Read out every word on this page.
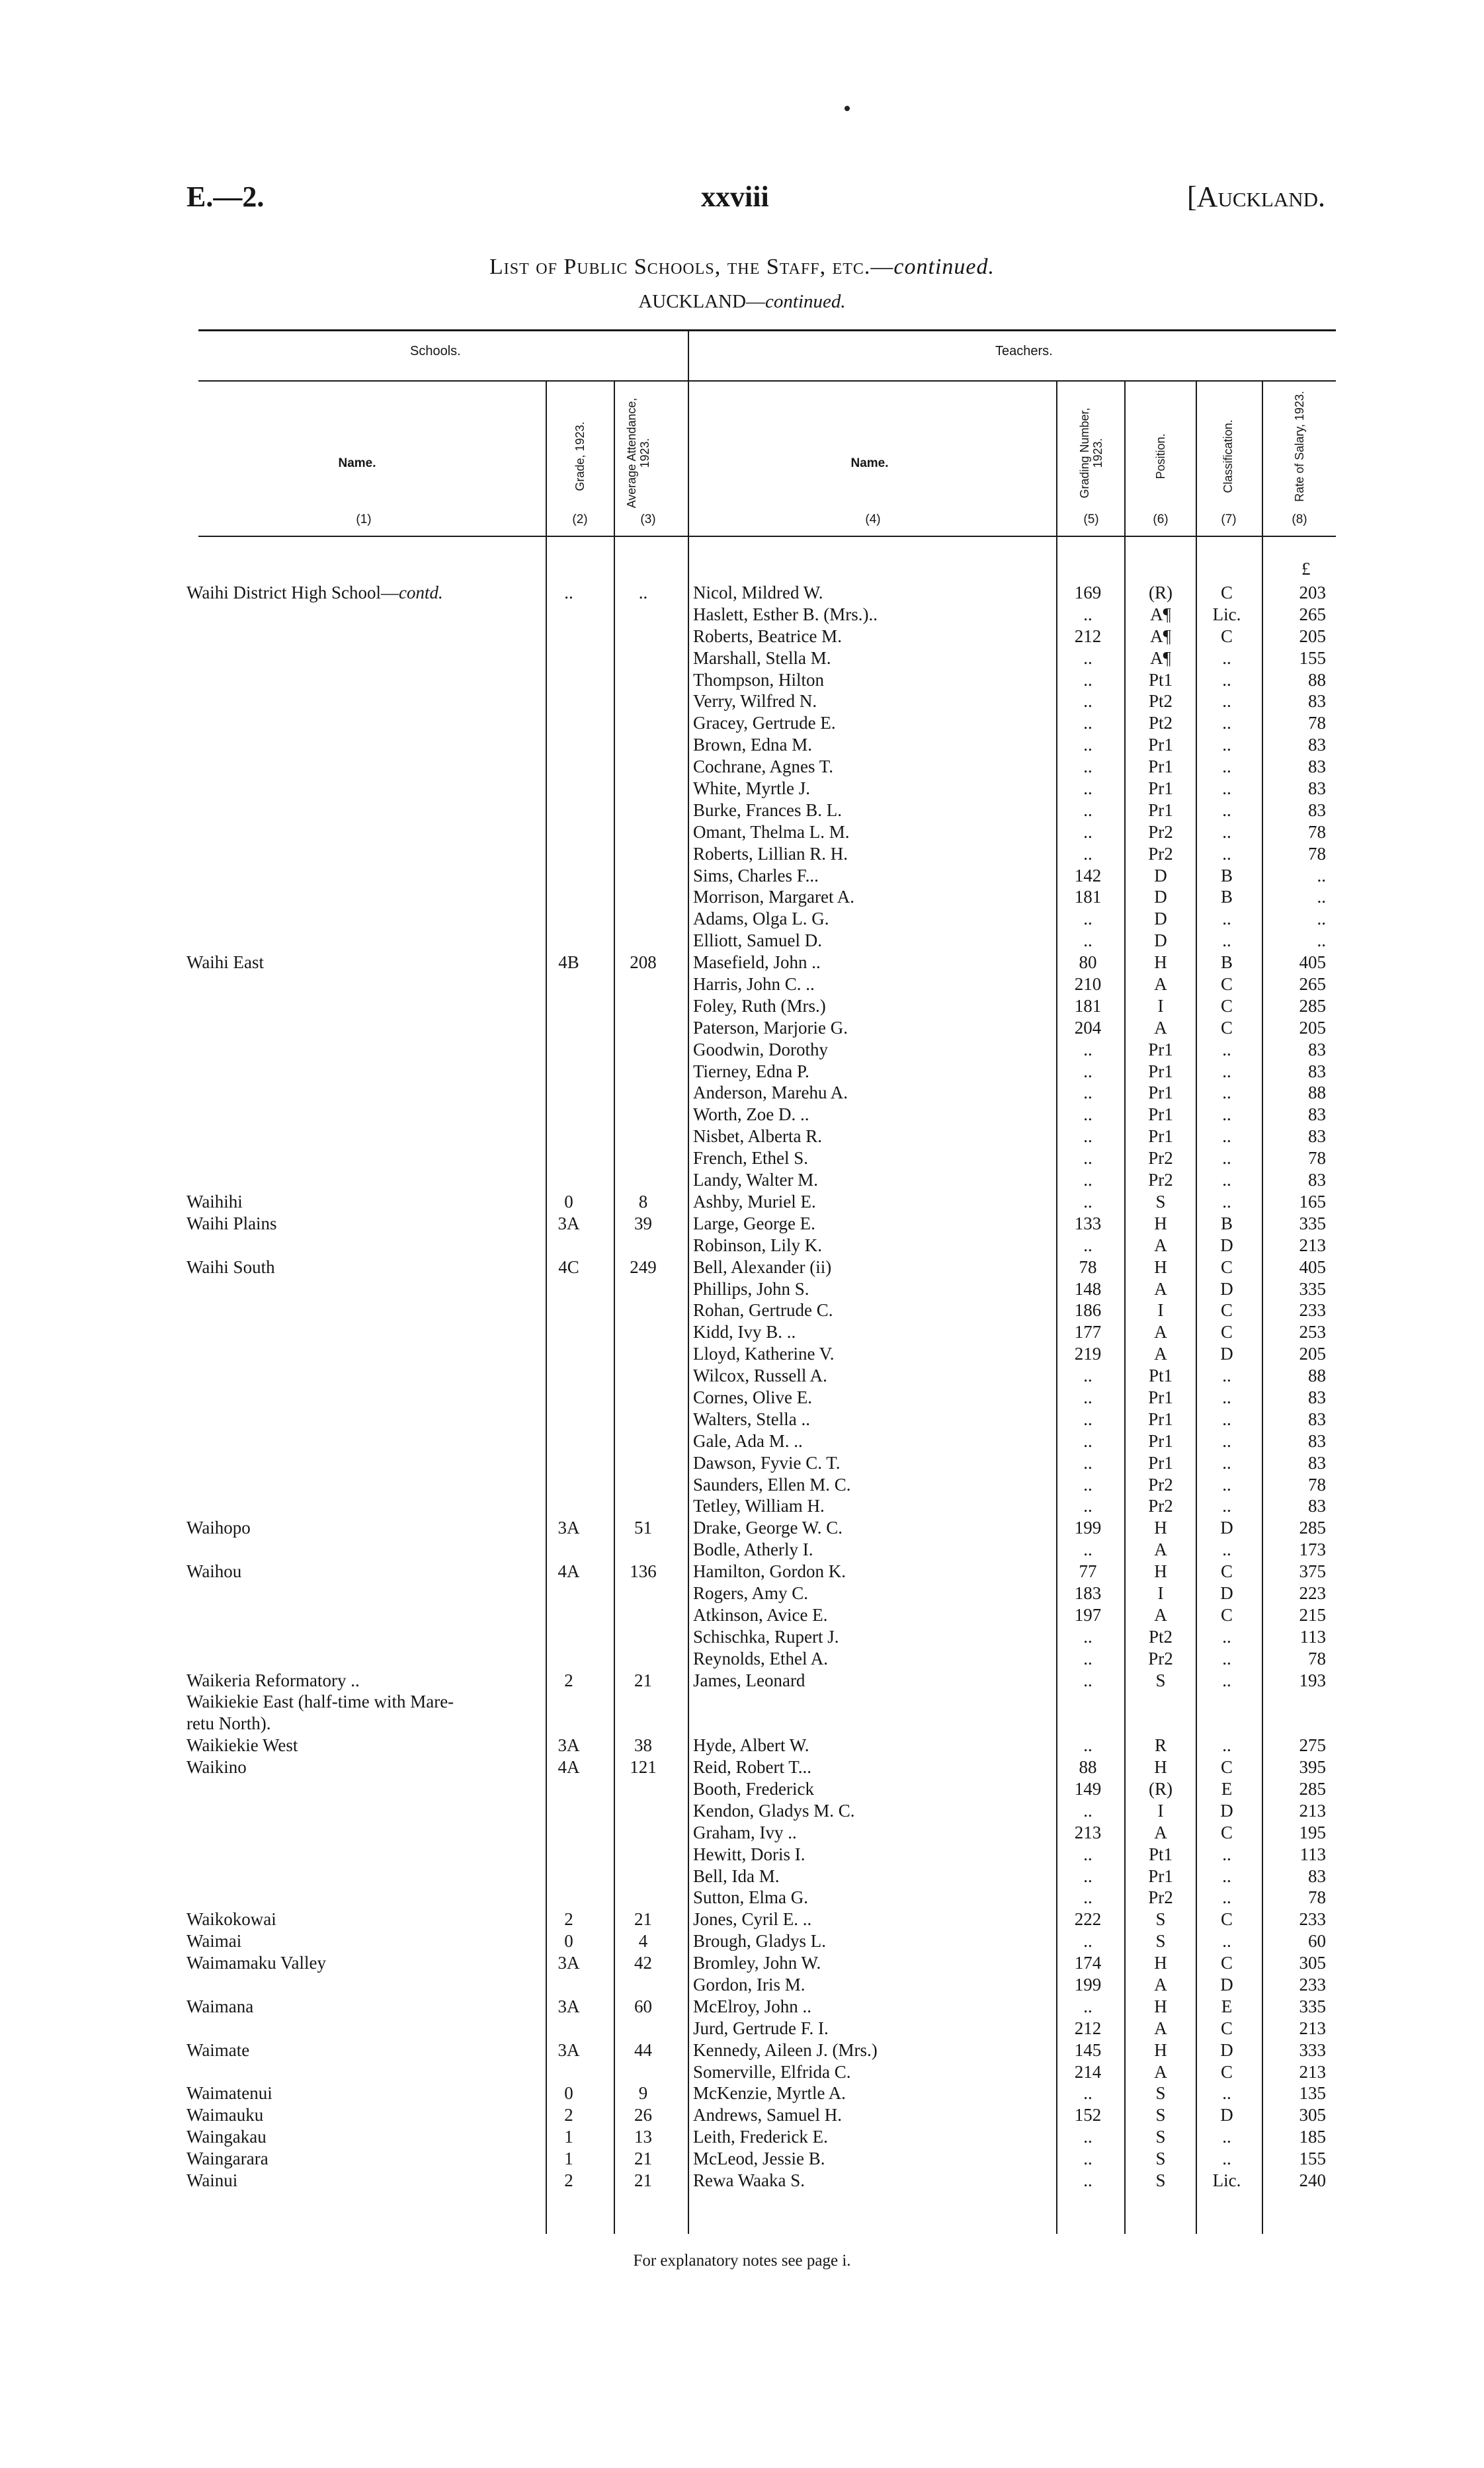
E.—2.	xxviii	[Auckland.
List of Public Schools, the Staff, etc.—continued.
AUCKLAND—continued.
Schools.	Teachers.
Name.	Grade, 1923.	Average Attendance, 1923.	Name.	Grading Number, 1923.	Position.	Classification.	Rate of Salary, 1923.
(1)	(2)	(3)	(4)	(5)	(6)	(7)	(8)
£
Waihi District High School—contd.	..	..	Nicol, Mildred W.	169	(R)	C	203
Haslett, Esther B. (Mrs.)..	..	A¶	Lic.	265
Roberts, Beatrice M.	212	A¶	C	205
Marshall, Stella M.	..	A¶	..	155
Thompson, Hilton	..	Pt1	..	88
Verry, Wilfred N.	..	Pt2	..	83
Gracey, Gertrude E.	..	Pt2	..	78
Brown, Edna M.	..	Pr1	..	83
Cochrane, Agnes T.	..	Pr1	..	83
White, Myrtle J.	..	Pr1	..	83
Burke, Frances B. L.	..	Pr1	..	83
Omant, Thelma L. M.	..	Pr2	..	78
Roberts, Lillian R. H.	..	Pr2	..	78
Sims, Charles F...	142	D	B	..
Morrison, Margaret A.	181	D	B	..
Adams, Olga L. G.	..	D	..	..
Elliott, Samuel D.	..	D	..	..
Waihi East	4B	208	Masefield, John ..	80	H	B	405
Harris, John C. ..	210	A	C	265
Foley, Ruth (Mrs.)	181	I	C	285
Paterson, Marjorie G.	204	A	C	205
Goodwin, Dorothy	..	Pr1	..	83
Tierney, Edna P.	..	Pr1	..	83
Anderson, Marehu A.	..	Pr1	..	88
Worth, Zoe D. ..	..	Pr1	..	83
Nisbet, Alberta R.	..	Pr1	..	83
French, Ethel S.	..	Pr2	..	78
Landy, Walter M.	..	Pr2	..	83
Waihihi	0	8	Ashby, Muriel E.	..	S	..	165
Waihi Plains	3A	39	Large, George E.	133	H	B	335
Robinson, Lily K.	..	A	D	213
Waihi South	4C	249	Bell, Alexander (ii)	78	H	C	405
Phillips, John S.	148	A	D	335
Rohan, Gertrude C.	186	I	C	233
Kidd, Ivy B. ..	177	A	C	253
Lloyd, Katherine V.	219	A	D	205
Wilcox, Russell A.	..	Pt1	..	88
Cornes, Olive E.	..	Pr1	..	83
Walters, Stella ..	..	Pr1	..	83
Gale, Ada M. ..	..	Pr1	..	83
Dawson, Fyvie C. T.	..	Pr1	..	83
Saunders, Ellen M. C.	..	Pr2	..	78
Tetley, William H.	..	Pr2	..	83
Waihopo	3A	51	Drake, George W. C.	199	H	D	285
Bodle, Atherly I.	..	A	..	173
Waihou	4A	136	Hamilton, Gordon K.	77	H	C	375
Rogers, Amy C.	183	I	D	223
Atkinson, Avice E.	197	A	C	215
Schischka, Rupert J.	..	Pt2	..	113
Reynolds, Ethel A.	..	Pr2	..	78
Waikeria Reformatory ..	2	21	James, Leonard	..	S	..	193
Waikiekie East (half-time with Mare-
retu North).
Waikiekie West	3A	38	Hyde, Albert W.	..	R	..	275
Waikino	4A	121	Reid, Robert T...	88	H	C	395
Booth, Frederick	149	(R)	E	285
Kendon, Gladys M. C.	..	I	D	213
Graham, Ivy ..	213	A	C	195
Hewitt, Doris I.	..	Pt1	..	113
Bell, Ida M.	..	Pr1	..	83
Sutton, Elma G.	..	Pr2	..	78
Waikokowai	2	21	Jones, Cyril E. ..	222	S	C	233
Waimai	0	4	Brough, Gladys L.	..	S	..	60
Waimamaku Valley	3A	42	Bromley, John W.	174	H	C	305
Gordon, Iris M.	199	A	D	233
Waimana	3A	60	McElroy, John ..	..	H	E	335
Jurd, Gertrude F. I.	212	A	C	213
Waimate	3A	44	Kennedy, Aileen J. (Mrs.)	145	H	D	333
Somerville, Elfrida C.	214	A	C	213
Waimatenui	0	9	McKenzie, Myrtle A.	..	S	..	135
Waimauku	2	26	Andrews, Samuel H.	152	S	D	305
Waingakau	1	13	Leith, Frederick E.	..	S	..	185
Waingarara	1	21	McLeod, Jessie B.	..	S	..	155
Wainui	2	21	Rewa Waaka S.	..	S	Lic.	240
For explanatory notes see page i.
